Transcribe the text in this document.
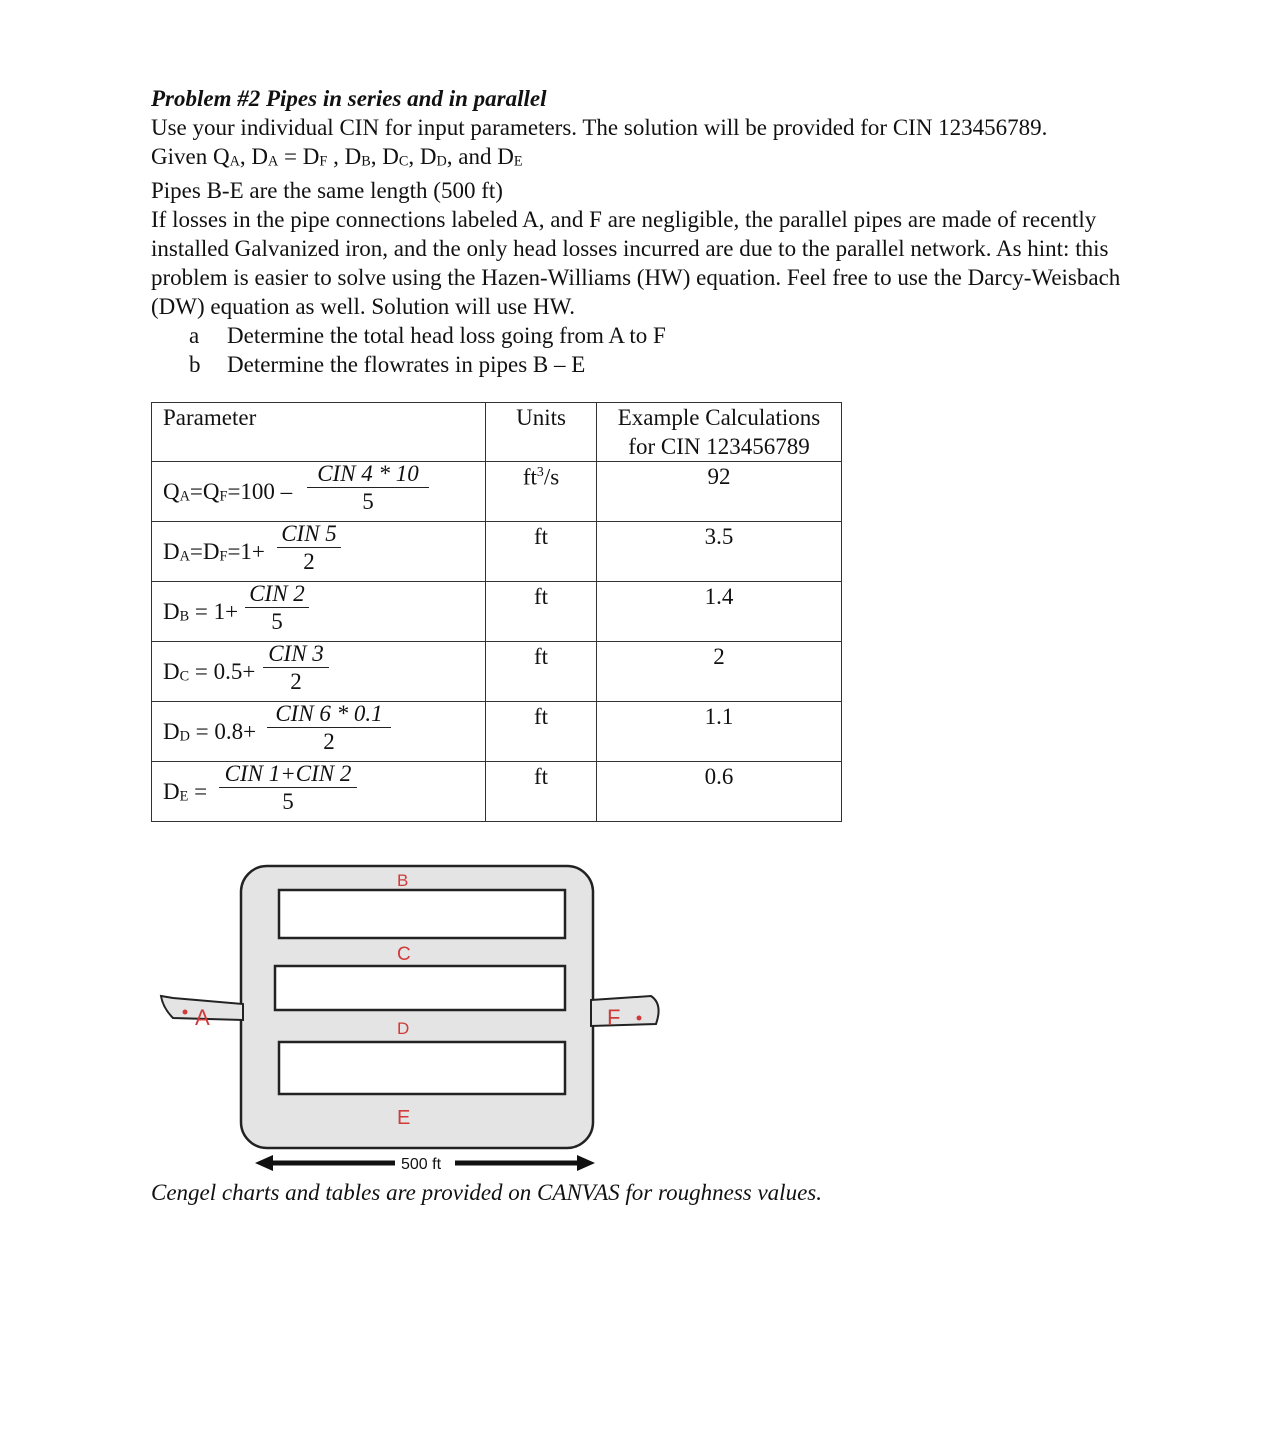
Problem #2 Pipes in series and in parallel
Use your individual CIN for input parameters. The solution will be provided for CIN 123456789.
Given QA, DA = DF , DB, DC, DD, and DE
Pipes B-E are the same length (500 ft)
If losses in the pipe connections labeled A, and F are negligible, the parallel pipes are made of recently installed Galvanized iron, and the only head losses incurred are due to the parallel network. As hint: this problem is easier to solve using the Hazen-Williams (HW) equation. Feel free to use the Darcy-Weisbach (DW) equation as well. Solution will use HW.
a	Determine the total head loss going from A to F
b	Determine the flowrates in pipes B – E
Parameter	Units	Example Calculations
for CIN 123456789

QA=QF=100 –
CIN 4 * 10
5	$ft^3/s$	92

DA=DF=1+
CIN 5
2	ft	3.5

DB = 1+
CIN 2
5	ft	1.4

DC = 0.5+
CIN 3
2	ft	2

DD = 0.8+
CIN 6 * 0.1
2	ft	1.1

DE =
CIN 1+CIN 2
5	ft	0.6
B
C
D
E
A	F
500 ft
Cengel charts and tables are provided on CANVAS for roughness values.
